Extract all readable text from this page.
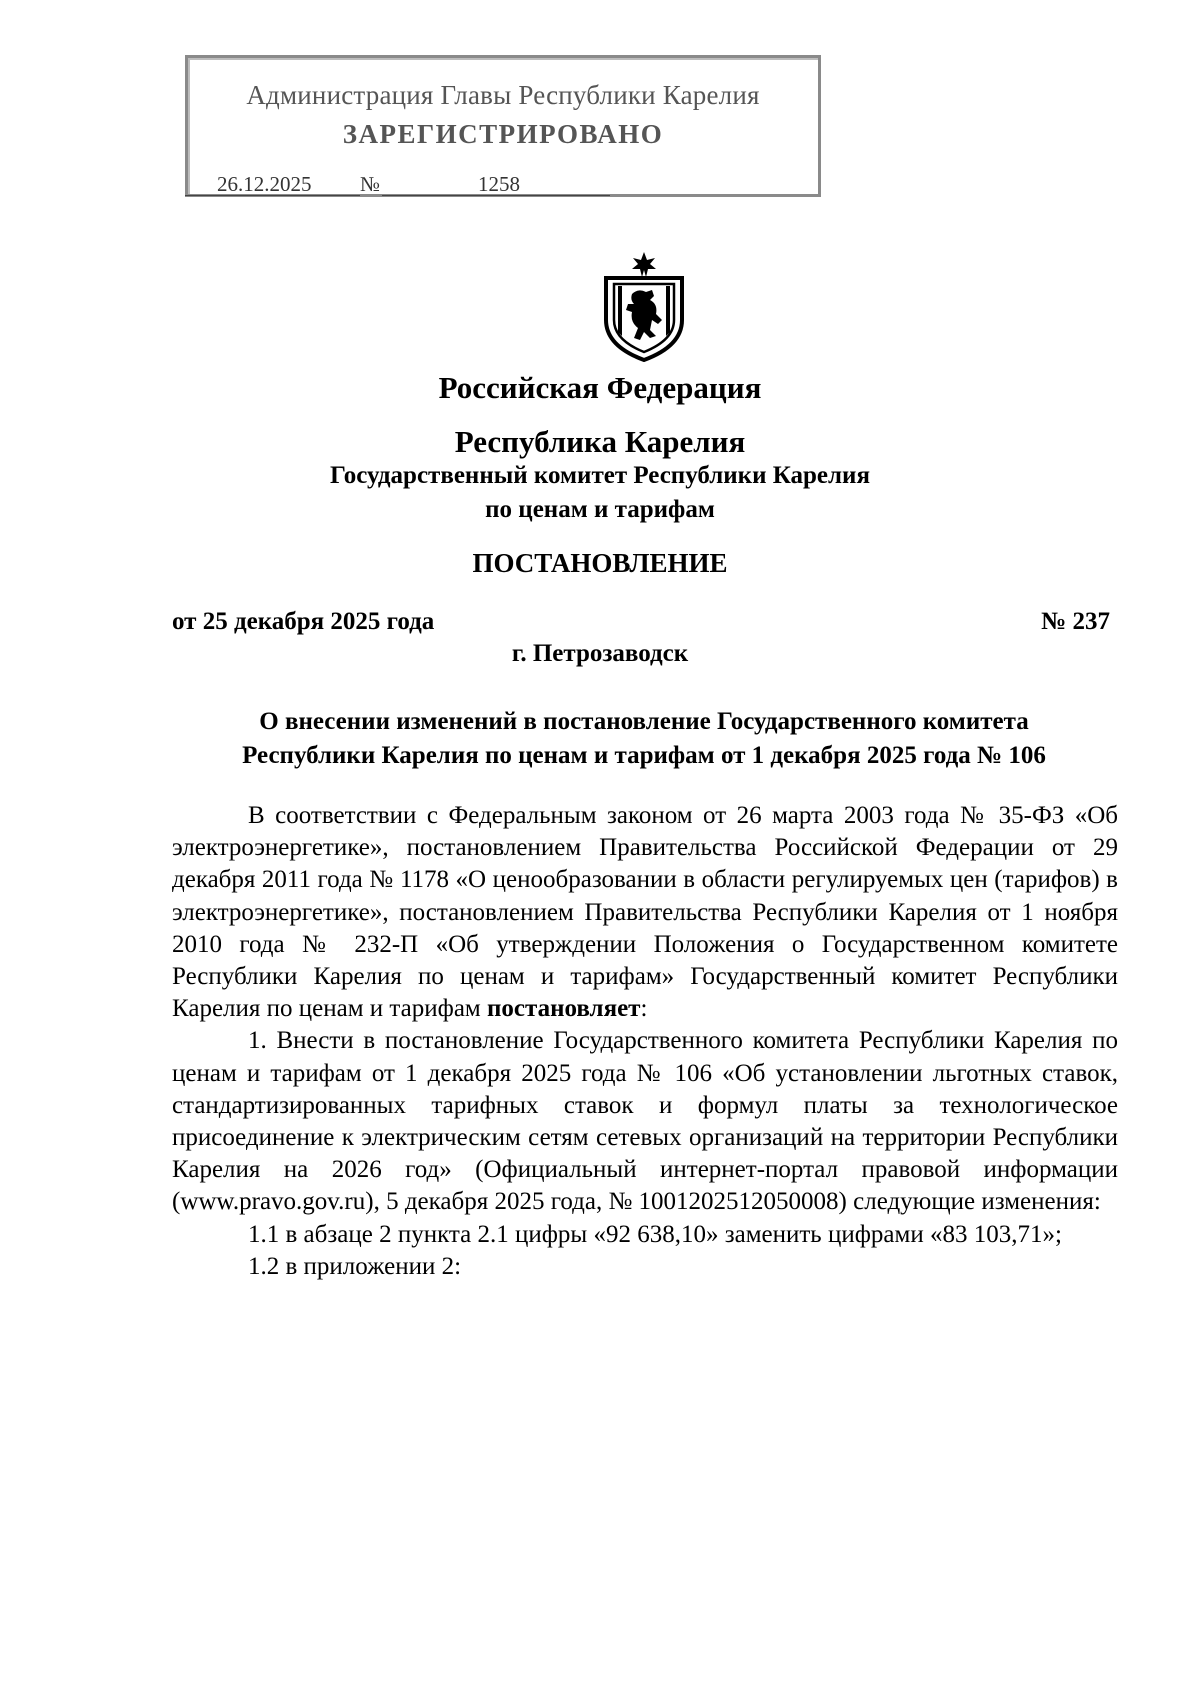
Администрация Главы Республики Карелия
ЗАРЕГИСТРИРОВАНО
26.12.2025	№	1258
Российская Федерация
Республика Карелия
Государственный комитет Республики Карелия
по ценам и тарифам
ПОСТАНОВЛЕНИЕ
от 25 декабря 2025 года	№ 237
г. Петрозаводск
О внесении изменений в постановление Государственного комитета
Республики Карелия по ценам и тарифам от 1 декабря 2025 года № 106

В соответствии с Федеральным законом от 26 марта 2003 года № 35-ФЗ «Об электроэнергетике», постановлением Правительства Российской Федерации от 29 декабря 2011 года № 1178 «О ценообразовании в области регулируемых цен (тарифов) в электроэнергетике», постановлением Правительства Республики Карелия от 1 ноября 2010 года № 232-П «Об утверждении Положения о Государственном комитете Республики Карелия по ценам и тарифам» Государственный комитет Республики Карелия по ценам и тарифам постановляет:

1. Внести в постановление Государственного комитета Республики Карелия по ценам и тарифам от 1 декабря 2025 года № 106 «Об установлении льготных ставок, стандартизированных тарифных ставок и формул платы за технологическое присоединение к электрическим сетям сетевых организаций на территории Республики Карелия на 2026 год» (Официальный интернет-портал правовой информации (www.pravo.gov.ru), 5 декабря 2025 года, № 1001202512050008) следующие изменения:

1.1 в абзаце 2 пункта 2.1 цифры «92 638,10» заменить цифрами «83 103,71»;

1.2 в приложении 2:
